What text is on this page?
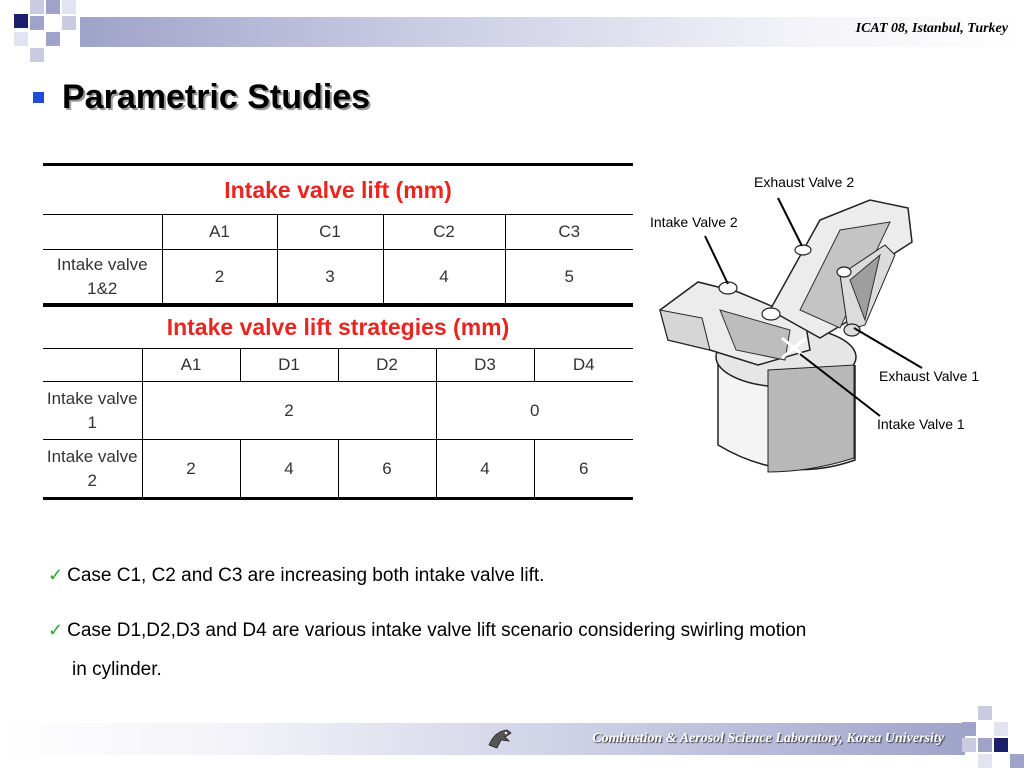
ICAT 08, Istanbul, Turkey
Parametric Studies
Intake valve lift (mm)
	A1	C1	C2	C3
Intake valve 1&2	2	3	4	5
Intake valve lift strategies (mm)
	A1	D1	D2	D3	D4
Intake valve 1	2			0	
Intake valve 2	2	4	6	4	6
Exhaust Valve 2
Intake Valve 2
Exhaust Valve 1
Intake Valve 1
✓ Case C1, C2 and C3 are increasing both intake valve lift.
✓ Case D1,D2,D3 and D4 are various intake valve lift scenario considering swirling motion
in cylinder.
Combustion & Aerosol Science Laboratory, Korea University
